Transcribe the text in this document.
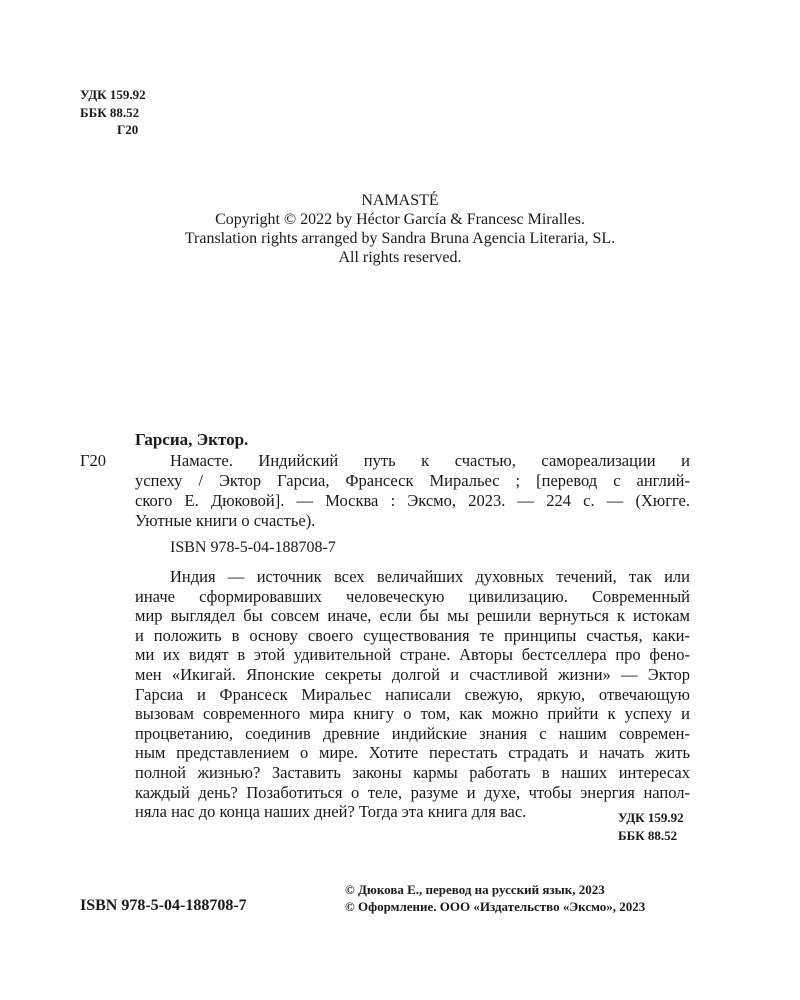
УДК 159.92
ББК 88.52
Г20
NAMASTÉ
Copyright © 2022 by Héctor García & Francesc Miralles.
Translation rights arranged by Sandra Bruna Agencia Literaria, SL.
All rights reserved.
Гарсиа, Эктор.
Г20	Намасте. Индийский путь к счастью, самореализации и
успеху / Эктор Гарсиа, Франсеск Миральес ; [перевод с англий-
ского Е. Дюковой]. — Москва : Эксмо, 2023. — 224 с. — (Хюгге.
Уютные книги о счастье).
ISBN 978-5-04-188708-7
Индия — источник всех величайших духовных течений, так или
иначе сформировавших человеческую цивилизацию. Современный
мир выглядел бы совсем иначе, если бы мы решили вернуться к истокам
и положить в основу своего существования те принципы счастья, каки-
ми их видят в этой удивительной стране. Авторы бестселлера про фено-
мен «Икигай. Японские секреты долгой и счастливой жизни» — Эктор
Гарсиа и Франсеск Миральес написали свежую, яркую, отвечающую
вызовам современного мира книгу о том, как можно прийти к успеху и
процветанию, соединив древние индийские знания с нашим современ-
ным представлением о мире. Хотите перестать страдать и начать жить
полной жизнью? Заставить законы кармы работать в наших интересах
каждый день? Позаботиться о теле, разуме и духе, чтобы энергия напол-
няла нас до конца наших дней? Тогда эта книга для вас.	УДК 159.92
ББК 88.52
ISBN 978-5-04-188708-7
© Дюкова Е., перевод на русский язык, 2023
© Оформление. ООО «Издательство «Эксмо», 2023
